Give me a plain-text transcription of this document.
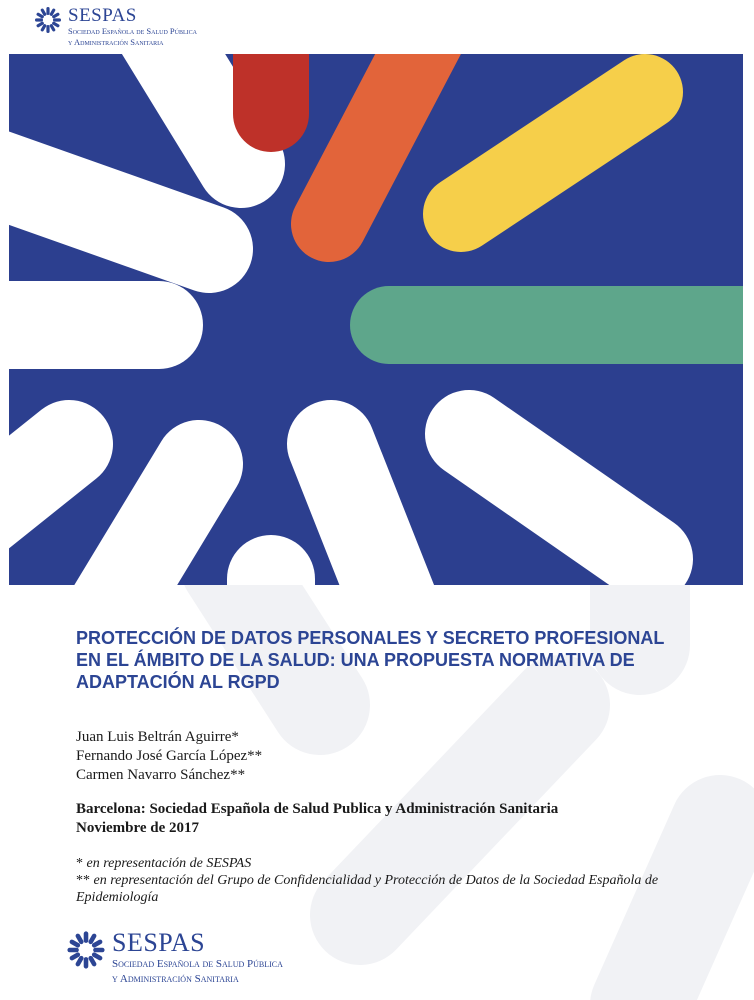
SESPAS
Sociedad Española de Salud Pública
y Administración Sanitaria
PROTECCIÓN DE DATOS PERSONALES Y SECRETO PROFESIONAL
EN EL ÁMBITO DE LA SALUD: UNA PROPUESTA NORMATIVA DE
ADAPTACIÓN AL RGPD
Juan Luis Beltrán Aguirre*
Fernando José García López**
Carmen Navarro Sánchez**
Barcelona: Sociedad Española de Salud Publica y Administración Sanitaria
Noviembre de 2017
* en representación de SESPAS
** en representación del Grupo de Confidencialidad y Protección de Datos de la Sociedad Española de Epidemiología
SESPAS
Sociedad Española de Salud Pública
y Administración Sanitaria
